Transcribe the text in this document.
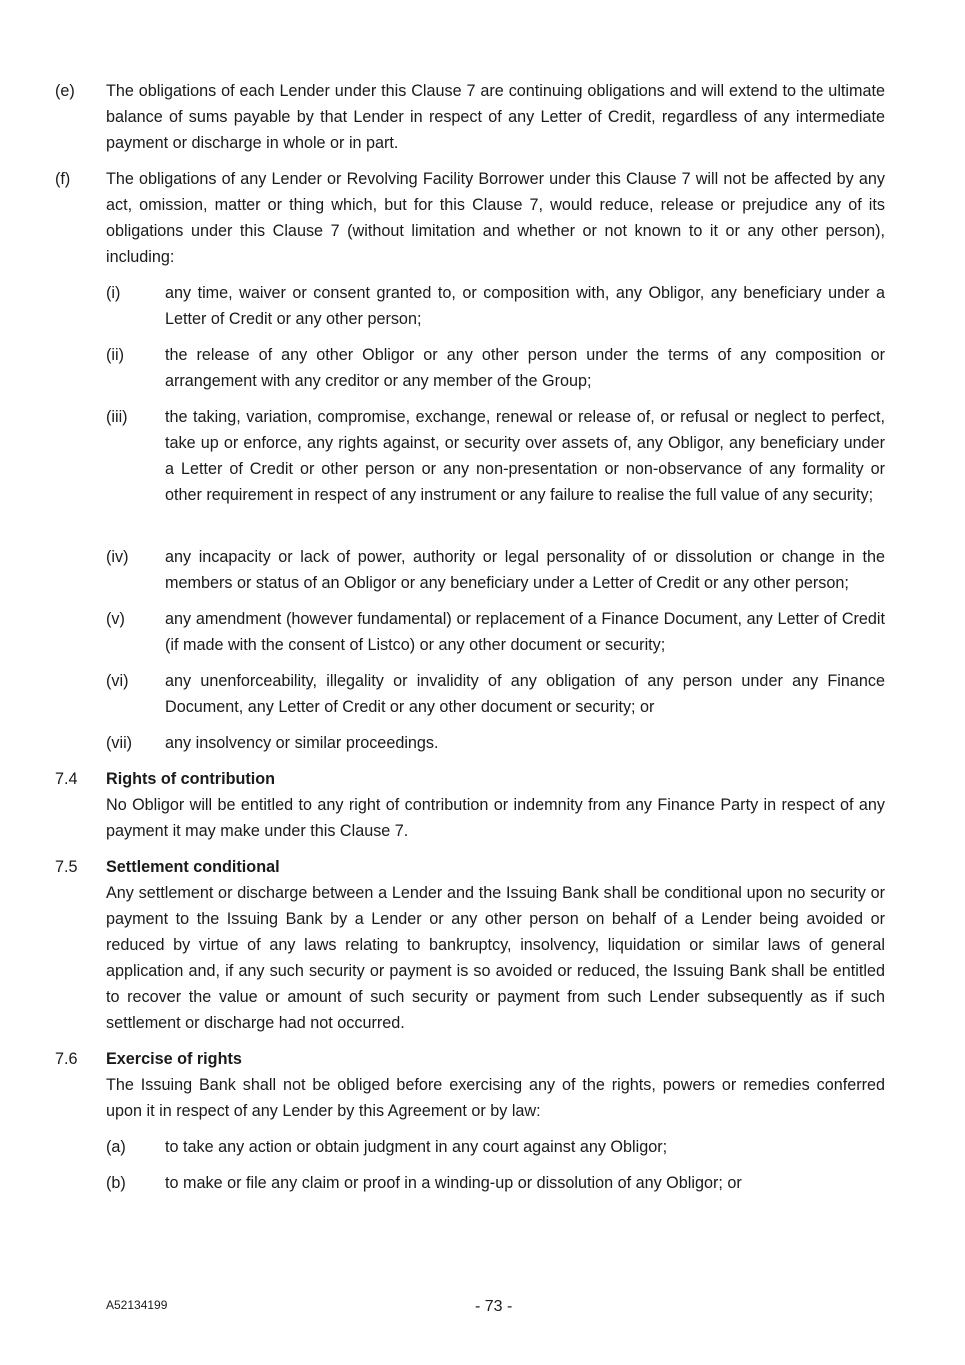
(e) The obligations of each Lender under this Clause 7 are continuing obligations and will extend to the ultimate balance of sums payable by that Lender in respect of any Letter of Credit, regardless of any intermediate payment or discharge in whole or in part.
(f) The obligations of any Lender or Revolving Facility Borrower under this Clause 7 will not be affected by any act, omission, matter or thing which, but for this Clause 7, would reduce, release or prejudice any of its obligations under this Clause 7 (without limitation and whether or not known to it or any other person), including:
(i)	any time, waiver or consent granted to, or composition with, any Obligor, any beneficiary under a Letter of Credit or any other person;
(ii)	the release of any other Obligor or any other person under the terms of any composition or arrangement with any creditor or any member of the Group;
(iii) the taking, variation, compromise, exchange, renewal or release of, or refusal or neglect to perfect, take up or enforce, any rights against, or security over assets of, any Obligor, any beneficiary under a Letter of Credit or other person or any non-presentation or non-observance of any formality or other requirement in respect of any instrument or any failure to realise the full value of any security;
(iv) any incapacity or lack of power, authority or legal personality of or dissolution or change in the members or status of an Obligor or any beneficiary under a Letter of Credit or any other person;
(v) any amendment (however fundamental) or replacement of a Finance Document, any Letter of Credit (if made with the consent of Listco) or any other document or security;
(vi) any unenforceability, illegality or invalidity of any obligation of any person under any Finance Document, any Letter of Credit or any other document or security; or
(vii) any insolvency or similar proceedings.
7.4 Rights of contribution
No Obligor will be entitled to any right of contribution or indemnity from any Finance Party in respect of any payment it may make under this Clause 7.
7.5 Settlement conditional
Any settlement or discharge between a Lender and the Issuing Bank shall be conditional upon no security or payment to the Issuing Bank by a Lender or any other person on behalf of a Lender being avoided or reduced by virtue of any laws relating to bankruptcy, insolvency, liquidation or similar laws of general application and, if any such security or payment is so avoided or reduced, the Issuing Bank shall be entitled to recover the value or amount of such security or payment from such Lender subsequently as if such settlement or discharge had not occurred.
7.6 Exercise of rights
The Issuing Bank shall not be obliged before exercising any of the rights, powers or remedies conferred upon it in respect of any Lender by this Agreement or by law:
(a) to take any action or obtain judgment in any court against any Obligor;
(b) to make or file any claim or proof in a winding-up or dissolution of any Obligor; or
A52134199	- 73 -
